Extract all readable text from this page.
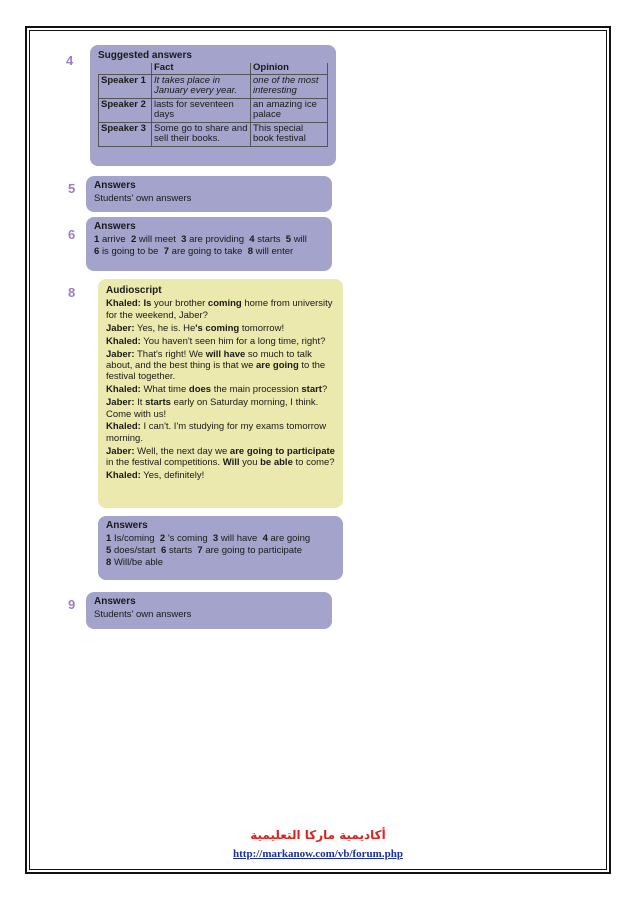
4 Suggested answers
	Fact	Opinion
Speaker 1	It takes place in January every year.	one of the most interesting
Speaker 2	lasts for seventeen days	an amazing ice palace
Speaker 3	Some go to share and sell their books.	This special book festival
5 Answers
Students' own answers
6
Answers
1 arrive 2 will meet 3 are providing 4 starts 5 will
6 is going to be 7 are going to take 8 will enter
8	Audioscript

Khaled: Is your brother coming home from university for the weekend, Jaber?

Jaber: Yes, he is. He's coming tomorrow!

Khaled: You haven't seen him for a long time, right?

Jaber: That's right! We will have so much to talk about, and the best thing is that we are going to the festival together.

Khaled: What time does the main procession start?

Jaber: It starts early on Saturday morning, I think. Come with us!

Khaled: I can't. I'm studying for my exams tomorrow morning.

Jaber: Well, the next day we are going to participate in the festival competitions. Will you be able to come?

Khaled: Yes, definitely!

Answers
1 Is/coming 2 's coming 3 will have 4 are going
5 does/start 6 starts 7 are going to participate
8 Will/be able
9 Answers
Students' own answers
أكاديمية ماركا التعليمية
http://markanow.com/vb/forum.php
